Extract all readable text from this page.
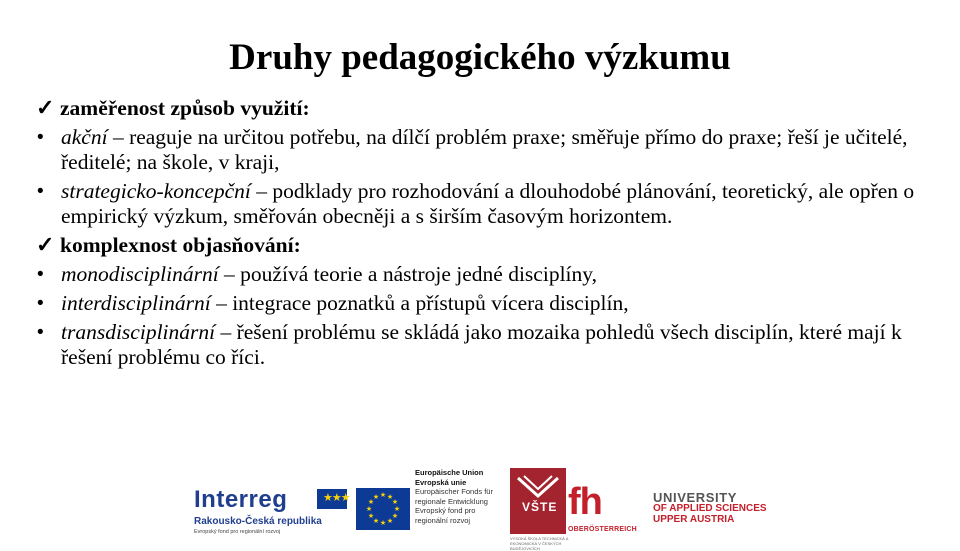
Druhy pedagogického výzkumu
✓ zaměřenost způsob využití:
• akční – reaguje na určitou potřebu, na dílčí problém praxe; směřuje přímo do praxe; řeší je učitelé, ředitelé; na škole, v kraji,
• strategicko-koncepční – podklady pro rozhodování a dlouhodobé plánování, teoretický, ale opřen o empirický výzkum, směřován obecněji a s širším časovým horizontem.
✓ komplexnost objasňování:
• monodisciplinární – používá teorie a nástroje jedné disciplíny,
• interdisciplinární – integrace poznatků a přístupů vícera disciplín,
• transdisciplinární – řešení problému se skládá jako mozaika pohledů všech disciplín, které mají k řešení problému co říci.
Interreg	★★★
Rakousko-Česká republika
Evropský fond pro regionální rozvoj
★ ★
★
★
★
★
★
★
★
★
★
★
Europäische Union
Evropská unie
Europäischer Fonds für
regionale Entwicklung
Evropský fond pro
regionální rozvoj
VŠTE
VYSOKÁ ŠKOLA TECHNICKÁ A EKONOMICKÁ V ČESKÝCH BUDĚJOVICÍCH
fh
OBERÖSTERREICH
UNIVERSITY
OF APPLIED SCIENCES
UPPER AUSTRIA
